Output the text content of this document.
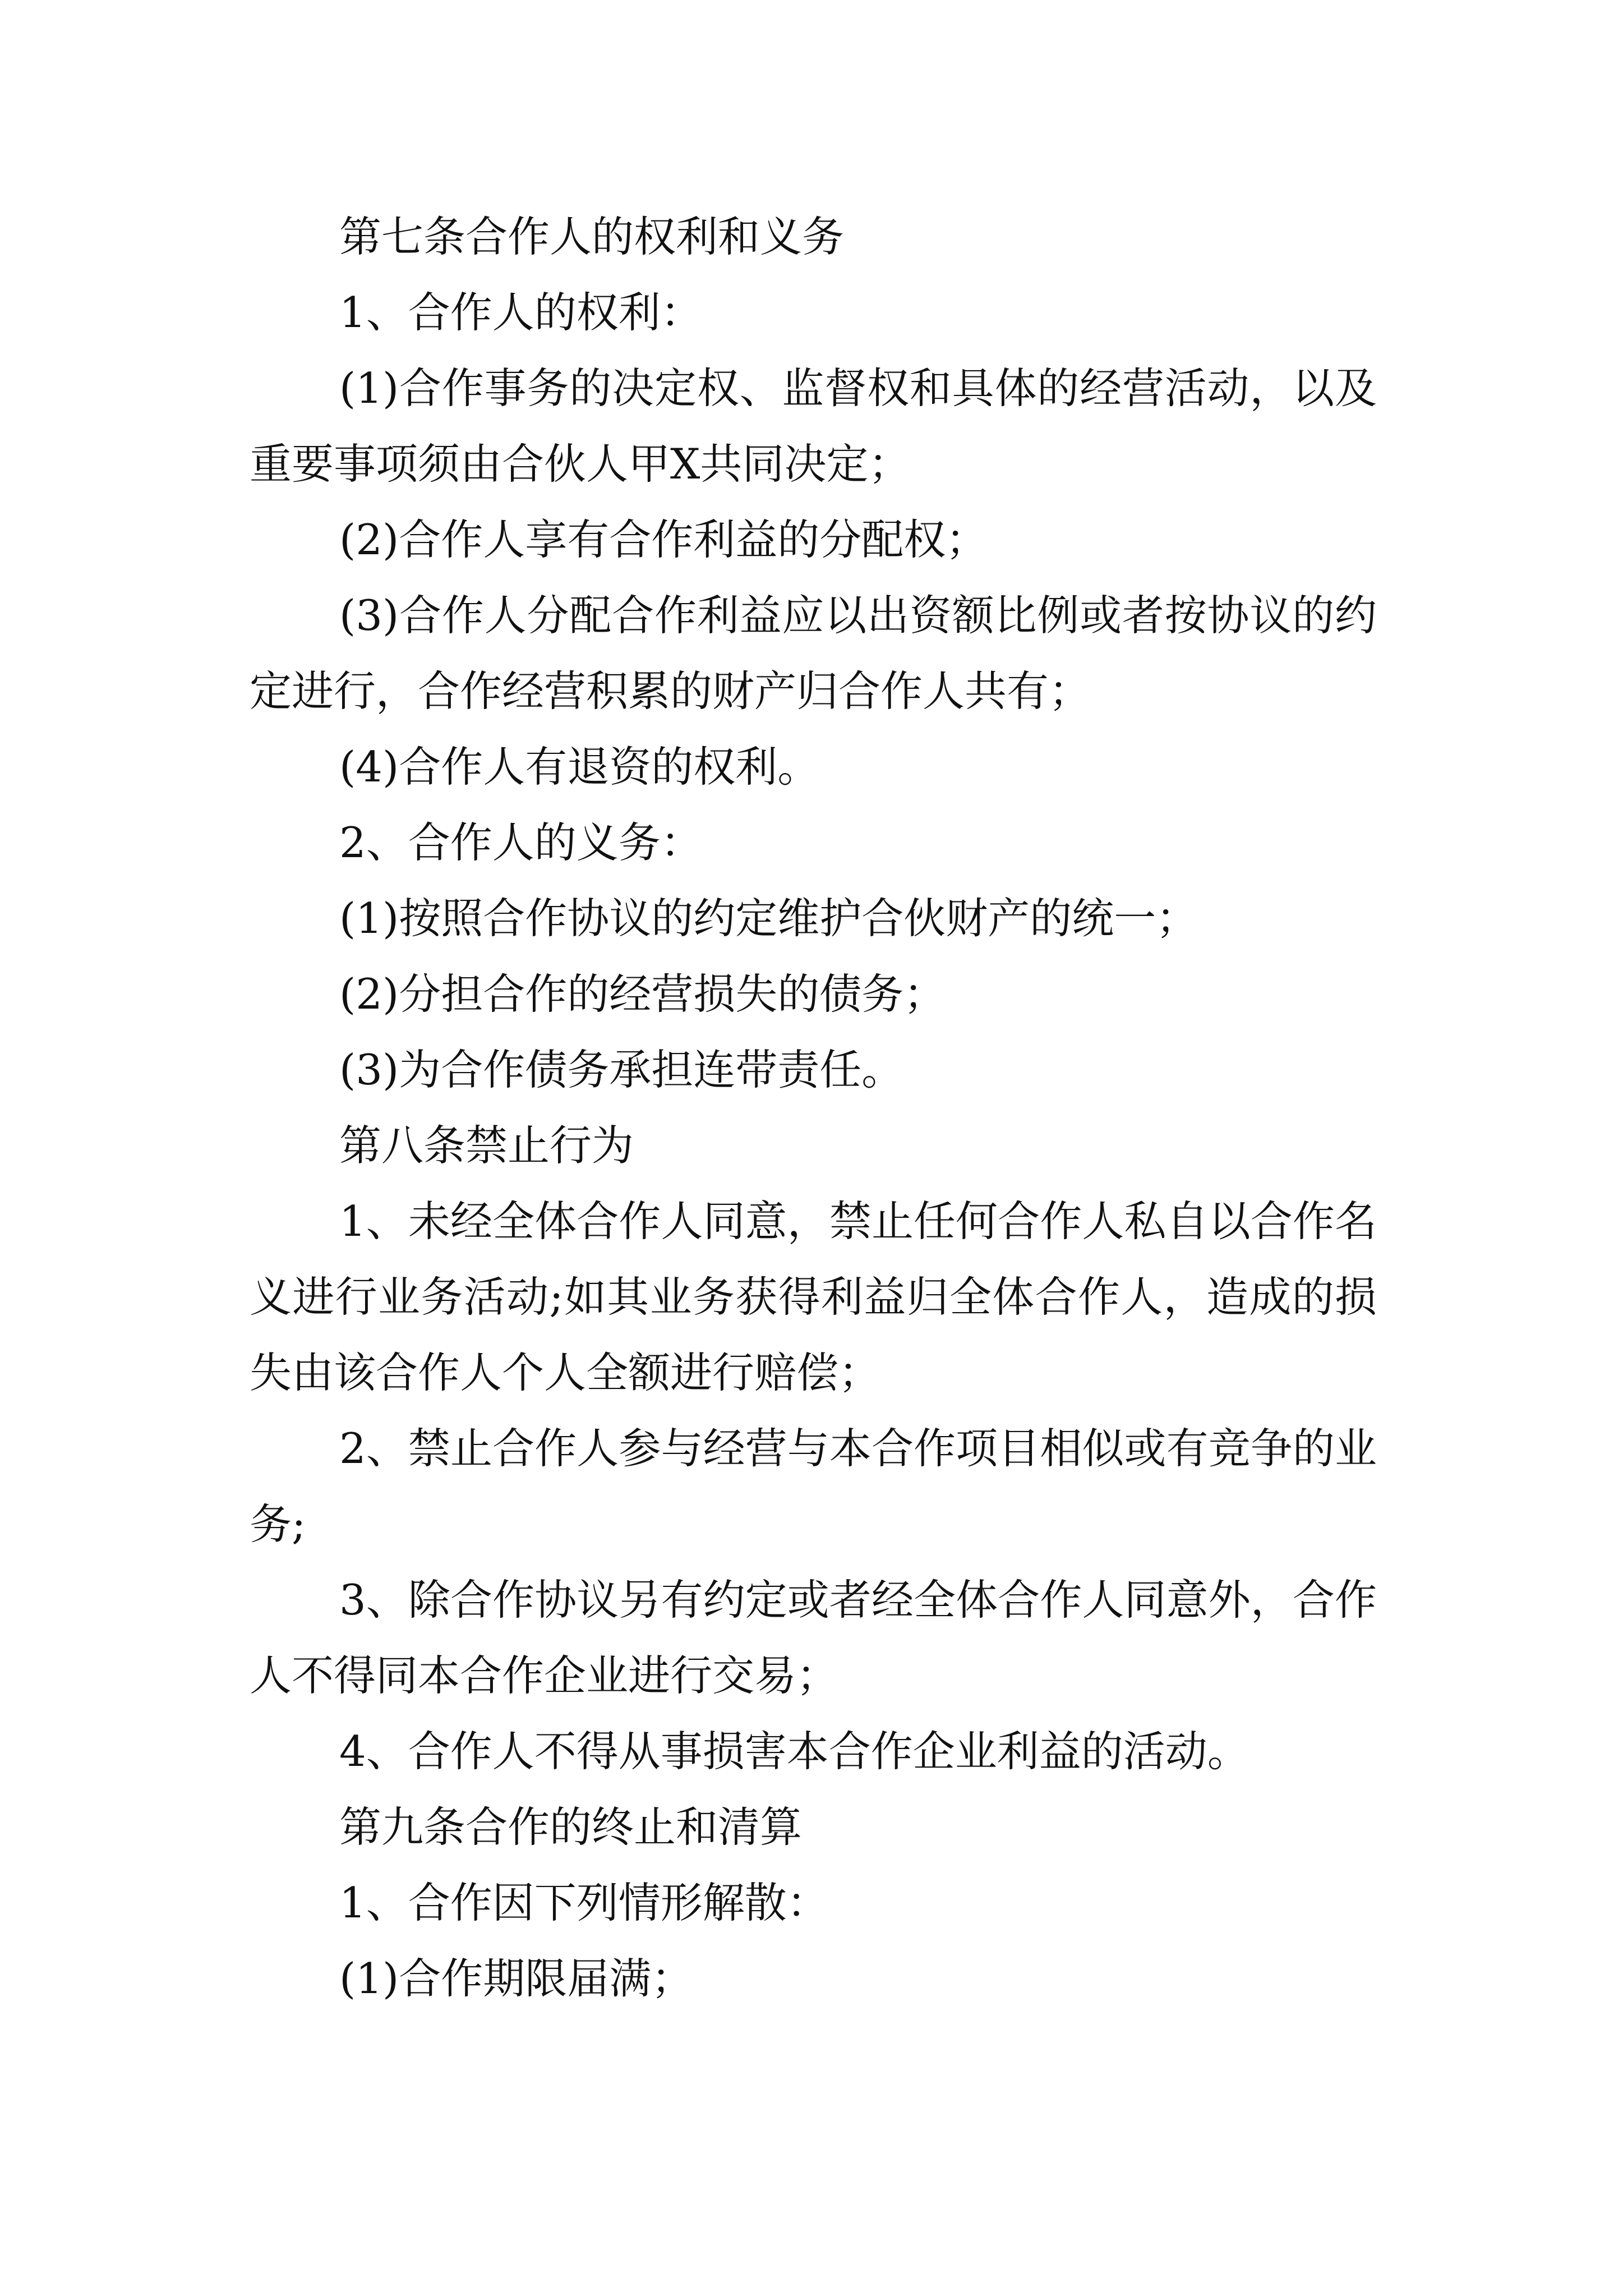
第七条合作人的权利和义务

1、合作人的权利：

(1)合作事务的决定权、监督权和具体的经营活动，以及重要事项须由合伙人甲X共同决定；

(2)合作人享有合作利益的分配权；

(3)合作人分配合作利益应以出资额比例或者按协议的约定进行，合作经营积累的财产归合作人共有；

(4)合作人有退资的权利。

2、合作人的义务：

(1)按照合作协议的约定维护合伙财产的统一；

(2)分担合作的经营损失的债务；

(3)为合作债务承担连带责任。

第八条禁止行为

1、未经全体合作人同意，禁止任何合作人私自以合作名义进行业务活动;如其业务获得利益归全体合作人，造成的损失由该合作人个人全额进行赔偿；

2、禁止合作人参与经营与本合作项目相似或有竞争的业务;

3、除合作协议另有约定或者经全体合作人同意外，合作人不得同本合作企业进行交易；

4、合作人不得从事损害本合作企业利益的活动。

第九条合作的终止和清算

1、合作因下列情形解散：

(1)合作期限届满；
